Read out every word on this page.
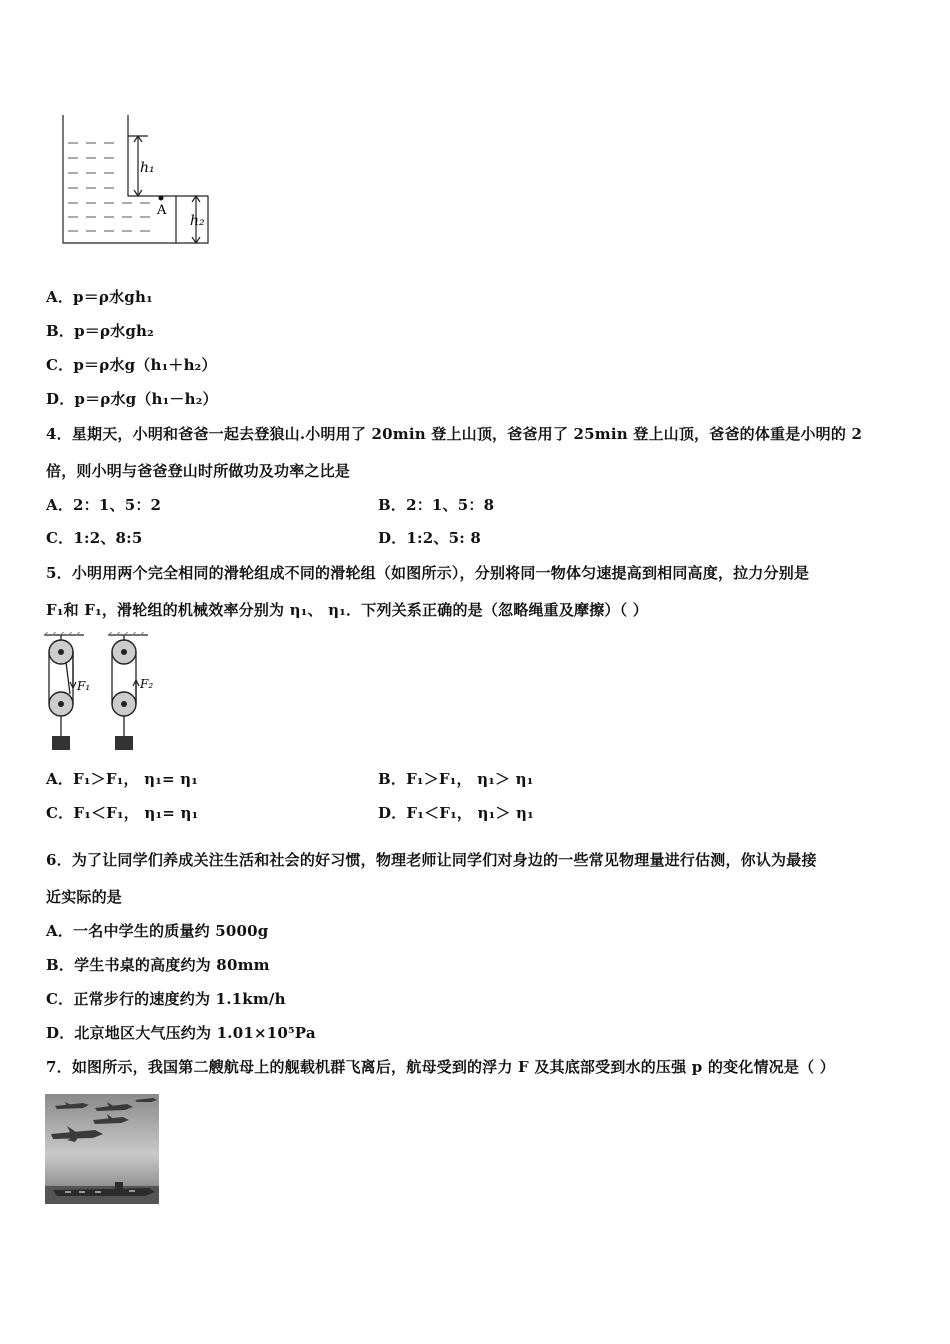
h₁
A
h₂
A．p＝ρ水gh₁
B．p＝ρ水gh₂
C．p＝ρ水g（h₁＋h₂）
D．p＝ρ水g（h₁－h₂）
4．星期天，小明和爸爸一起去登狼山.小明用了 20min 登上山顶，爸爸用了 25min 登上山顶，爸爸的体重是小明的 2
倍，则小明与爸爸登山时所做功及功率之比是
A．2：1、5：2	B．2：1、5：8
C．1:2、8:5	D．1:2、5: 8
5．小明用两个完全相同的滑轮组成不同的滑轮组（如图所示），分别将同一物体匀速提高到相同高度，拉力分别是
F₁和 F₁，滑轮组的机械效率分别为 η₁、 η₁．下列关系正确的是（忽略绳重及摩擦）（ ）
F₁	F₂
A．F₁＞F₁， η₁= η₁	B．F₁＞F₁， η₁＞ η₁
C．F₁＜F₁， η₁= η₁	D．F₁＜F₁， η₁＞ η₁
6．为了让同学们养成关注生活和社会的好习惯，物理老师让同学们对身边的一些常见物理量进行估测，你认为最接
近实际的是
A．一名中学生的质量约 5000g
B．学生书桌的高度约为 80mm
C．正常步行的速度约为 1.1km/h
D．北京地区大气压约为 1.01×10⁵Pa
7．如图所示，我国第二艘航母上的舰载机群飞离后，航母受到的浮力 F 及其底部受到水的压强 p 的变化情况是（ ）
